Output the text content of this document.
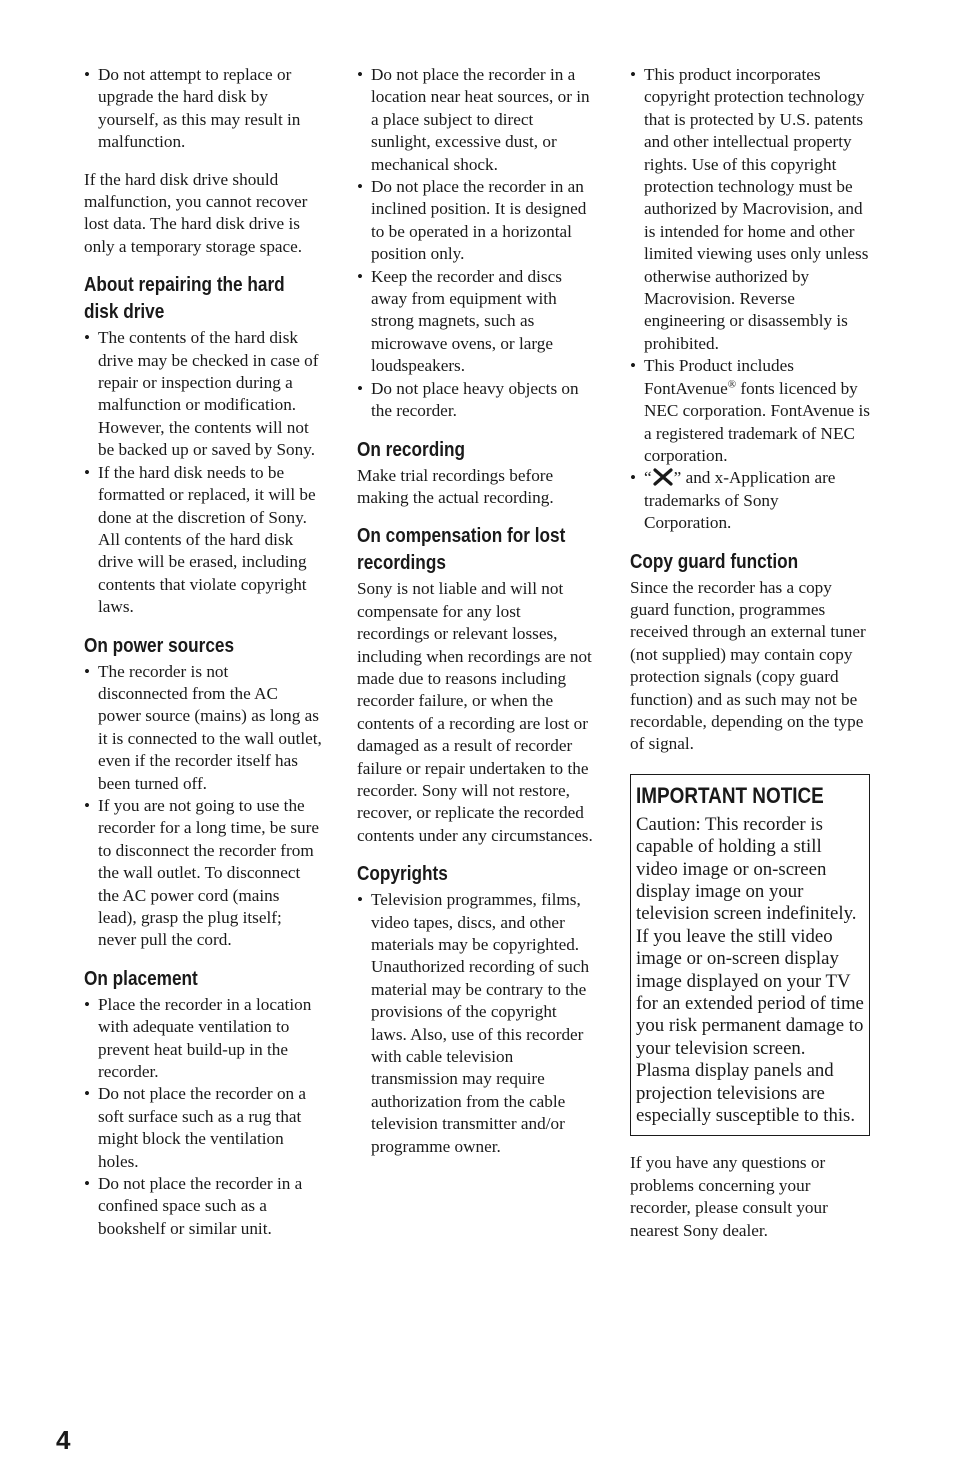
• Do not attempt to replace or upgrade the hard disk by yourself, as this may result in malfunction.

If the hard disk drive should malfunction, you cannot recover lost data. The hard disk drive is only a temporary storage space.

About repairing the hard disk drive
• The contents of the hard disk drive may be checked in case of repair or inspection during a malfunction or modification. However, the contents will not be backed up or saved by Sony.
• If the hard disk needs to be formatted or replaced, it will be done at the discretion of Sony. All contents of the hard disk drive will be erased, including contents that violate copyright laws.
On power sources
• The recorder is not disconnected from the AC power source (mains) as long as it is connected to the wall outlet, even if the recorder itself has been turned off.
• If you are not going to use the recorder for a long time, be sure to disconnect the recorder from the wall outlet. To disconnect the AC power cord (mains lead), grasp the plug itself; never pull the cord.
On placement
• Place the recorder in a location with adequate ventilation to prevent heat build-up in the recorder.
• Do not place the recorder on a soft surface such as a rug that might block the ventilation holes.
• Do not place the recorder in a confined space such as a bookshelf or similar unit.
• Do not place the recorder in a location near heat sources, or in a place subject to direct sunlight, excessive dust, or mechanical shock.
• Do not place the recorder in an inclined position. It is designed to be operated in a horizontal position only.
• Keep the recorder and discs away from equipment with strong magnets, such as microwave ovens, or large loudspeakers.
• Do not place heavy objects on the recorder.
On recording

Make trial recordings before making the actual recording.

On compensation for lost recordings

Sony is not liable and will not compensate for any lost recordings or relevant losses, including when recordings are not made due to reasons including recorder failure, or when the contents of a recording are lost or damaged as a result of recorder failure or repair undertaken to the recorder. Sony will not restore, recover, or replicate the recorded contents under any circumstances.

Copyrights
• Television programmes, films, video tapes, discs, and other materials may be copyrighted. Unauthorized recording of such material may be contrary to the provisions of the copyright laws. Also, use of this recorder with cable television transmission may require authorization from the cable television transmitter and/or programme owner.
• This product incorporates copyright protection technology that is protected by U.S. patents and other intellectual property rights. Use of this copyright protection technology must be authorized by Macrovision, and is intended for home and other limited viewing uses only unless otherwise authorized by Macrovision. Reverse engineering or disassembly is prohibited.
• This Product includes FontAvenue® fonts licenced by NEC corporation. FontAvenue is a registered trademark of NEC corporation.
• “ ” and x-Application are trademarks of Sony Corporation.
Copy guard function

Since the recorder has a copy guard function, programmes received through an external tuner (not supplied) may contain copy protection signals (copy guard function) and as such may not be recordable, depending on the type of signal.

IMPORTANT NOTICE

Caution: This recorder is capable of holding a still video image or on-screen display image on your television screen indefinitely. If you leave the still video image or on-screen display image displayed on your TV for an extended period of time you risk permanent damage to your television screen. Plasma display panels and projection televisions are especially susceptible to this.

If you have any questions or problems concerning your recorder, please consult your nearest Sony dealer.

4
